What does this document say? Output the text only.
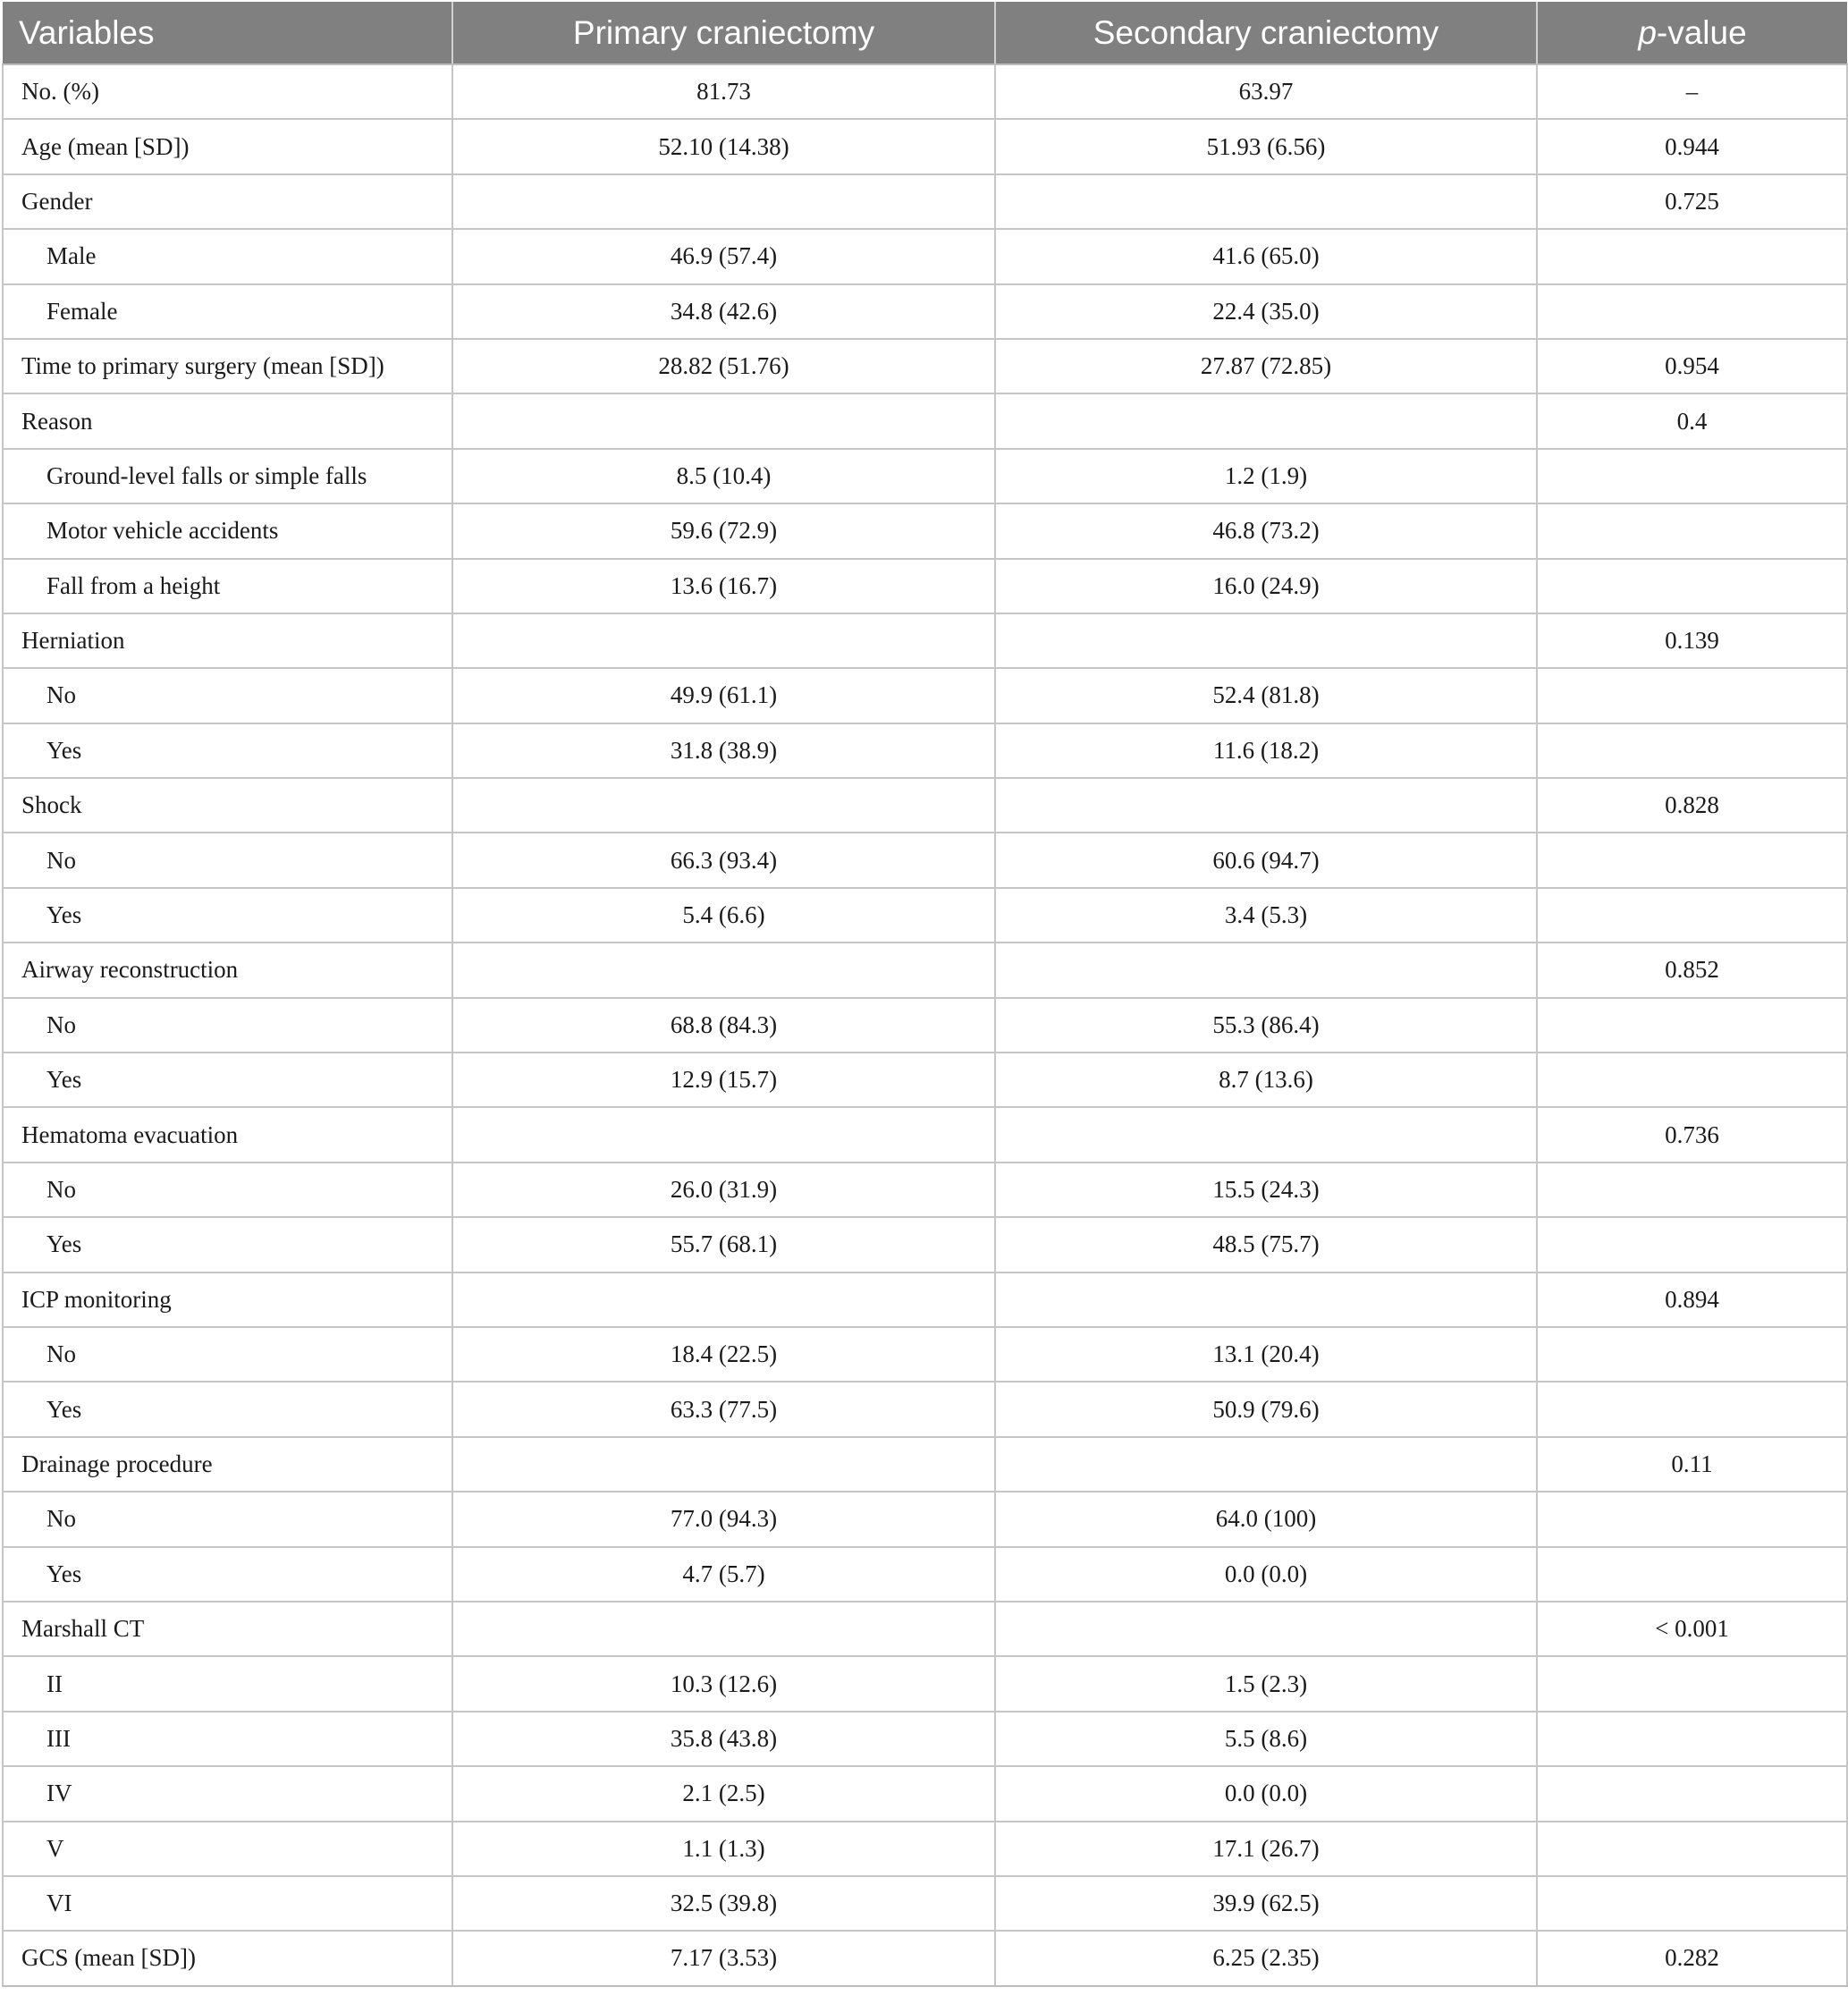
Variables	Primary craniectomy	Secondary craniectomy	p-value
No. (%)	81.73	63.97	–
Age (mean [SD])	52.10 (14.38)	51.93 (6.56)	0.944
Gender			0.725
Male	46.9 (57.4)	41.6 (65.0)	
Female	34.8 (42.6)	22.4 (35.0)	
Time to primary surgery (mean [SD])	28.82 (51.76)	27.87 (72.85)	0.954
Reason			0.4
Ground-level falls or simple falls	8.5 (10.4)	1.2 (1.9)	
Motor vehicle accidents	59.6 (72.9)	46.8 (73.2)	
Fall from a height	13.6 (16.7)	16.0 (24.9)	
Herniation			0.139
No	49.9 (61.1)	52.4 (81.8)	
Yes	31.8 (38.9)	11.6 (18.2)	
Shock			0.828
No	66.3 (93.4)	60.6 (94.7)	
Yes	5.4 (6.6)	3.4 (5.3)	
Airway reconstruction			0.852
No	68.8 (84.3)	55.3 (86.4)	
Yes	12.9 (15.7)	8.7 (13.6)	
Hematoma evacuation			0.736
No	26.0 (31.9)	15.5 (24.3)	
Yes	55.7 (68.1)	48.5 (75.7)	
ICP monitoring			0.894
No	18.4 (22.5)	13.1 (20.4)	
Yes	63.3 (77.5)	50.9 (79.6)	
Drainage procedure			0.11
No	77.0 (94.3)	64.0 (100)	
Yes	4.7 (5.7)	0.0 (0.0)	
Marshall CT			< 0.001
II	10.3 (12.6)	1.5 (2.3)	
III	35.8 (43.8)	5.5 (8.6)	
IV	2.1 (2.5)	0.0 (0.0)	
V	1.1 (1.3)	17.1 (26.7)	
VI	32.5 (39.8)	39.9 (62.5)	
GCS (mean [SD])	7.17 (3.53)	6.25 (2.35)	0.282
